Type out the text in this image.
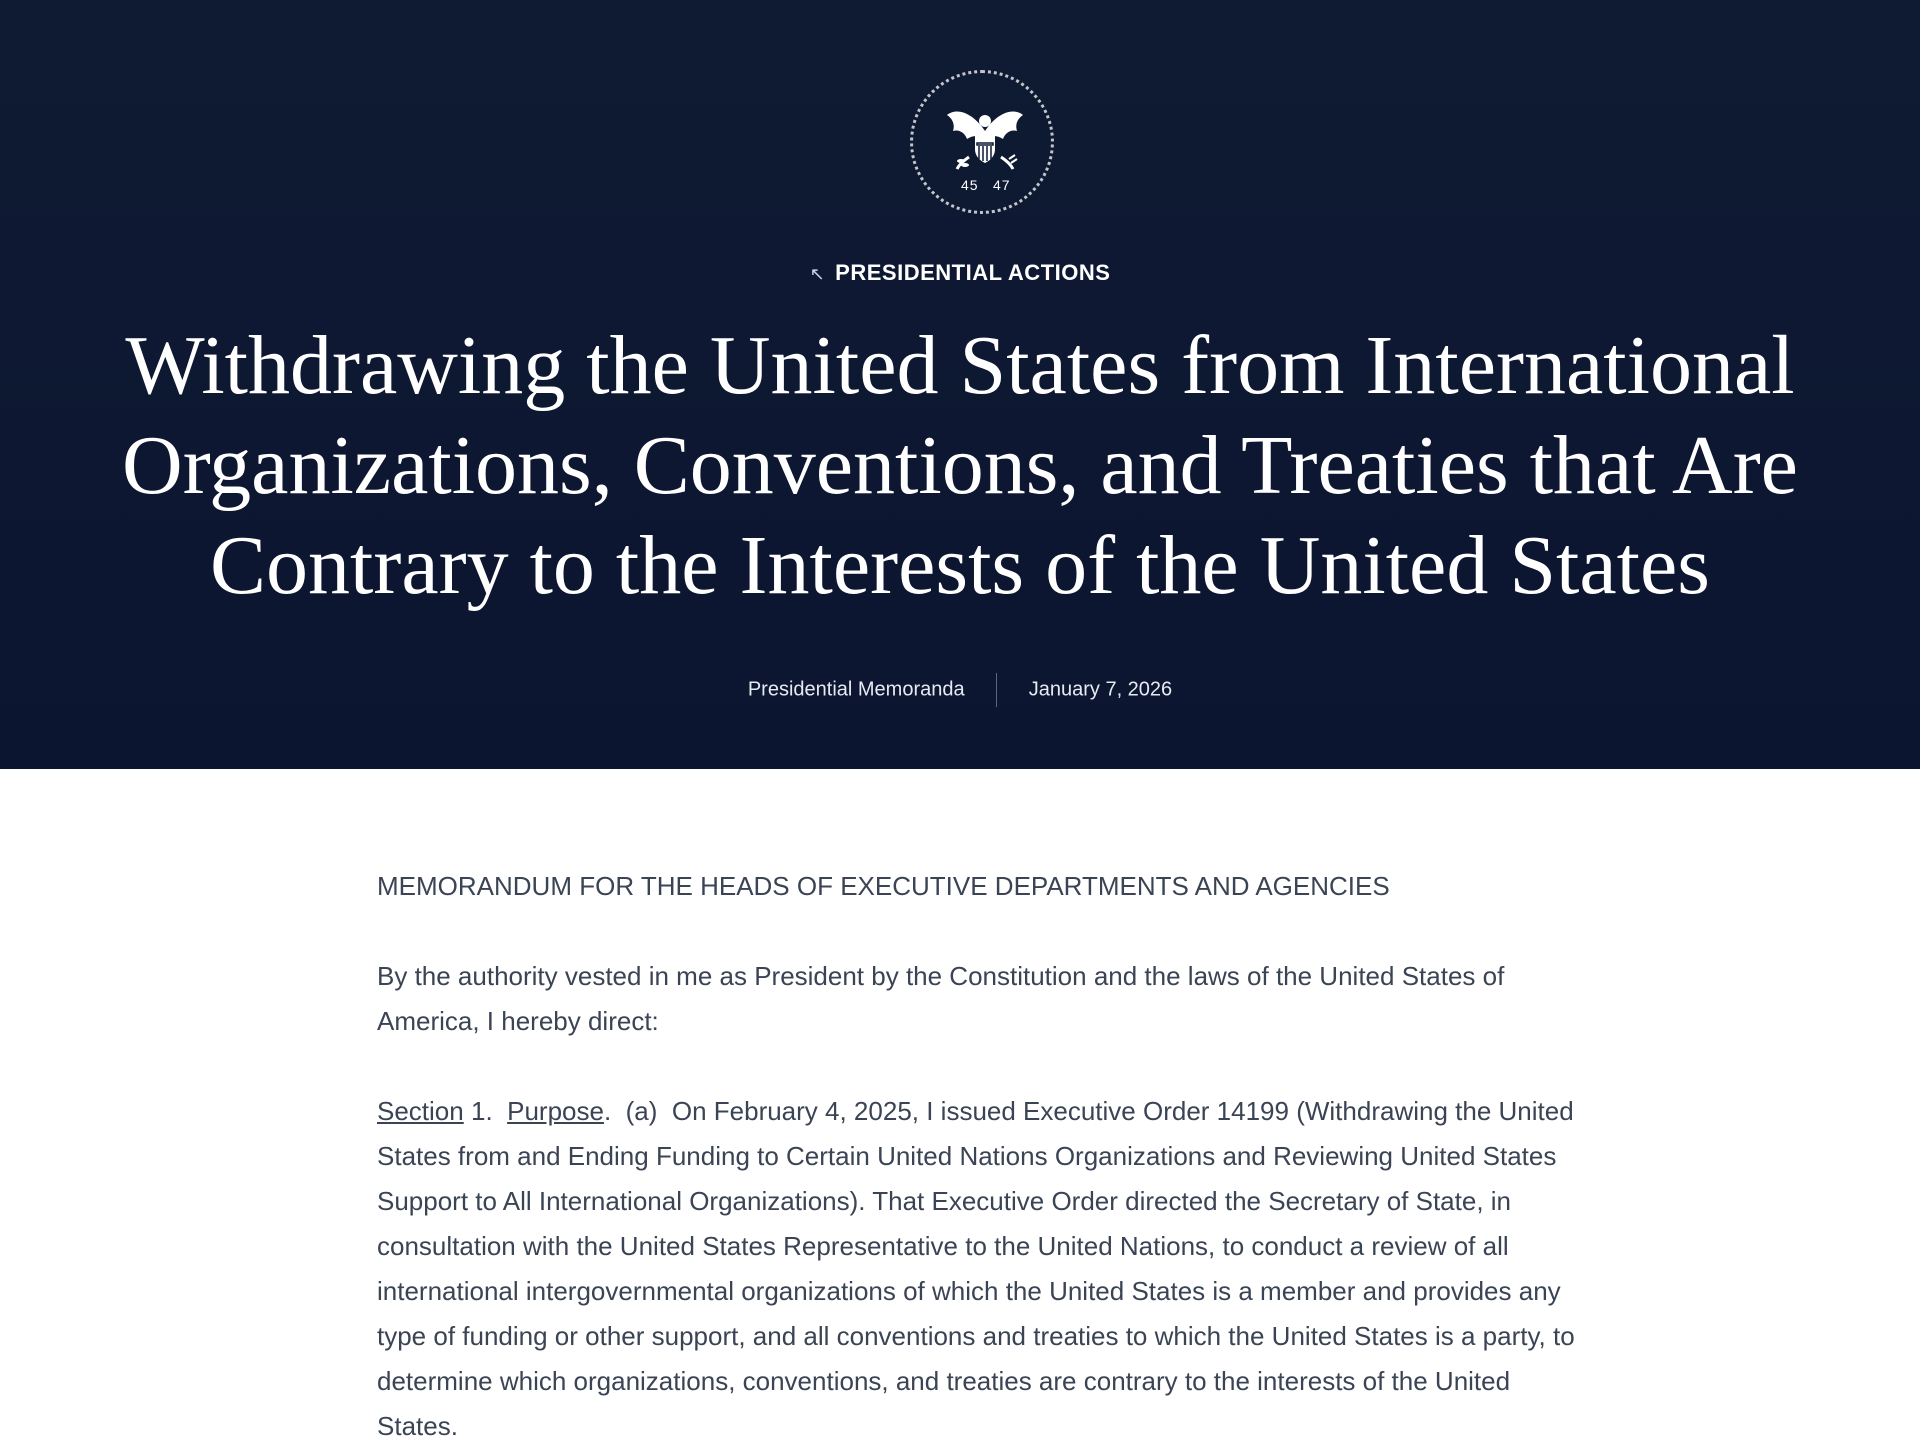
45 47
↖ PRESIDENTIAL ACTIONS
Withdrawing the United States from International Organizations, Conventions, and Treaties that Are Contrary to the Interests of the United States
Presidential Memoranda	January 7, 2026

MEMORANDUM FOR THE HEADS OF EXECUTIVE DEPARTMENTS AND AGENCIES

By the authority vested in me as President by the Constitution and the laws of the United States of America, I hereby direct:

Section 1.  Purpose.  (a) On February 4, 2025, I issued Executive Order 14199 (Withdrawing the United States from and Ending Funding to Certain United Nations Organizations and Reviewing United States Support to All International Organizations). That Executive Order directed the Secretary of State, in consultation with the United States Representative to the United Nations, to conduct a review of all international intergovernmental organizations of which the United States is a member and provides any type of funding or other support, and all conventions and treaties to which the United States is a party, to determine which organizations, conventions, and treaties are contrary to the interests of the United States.
